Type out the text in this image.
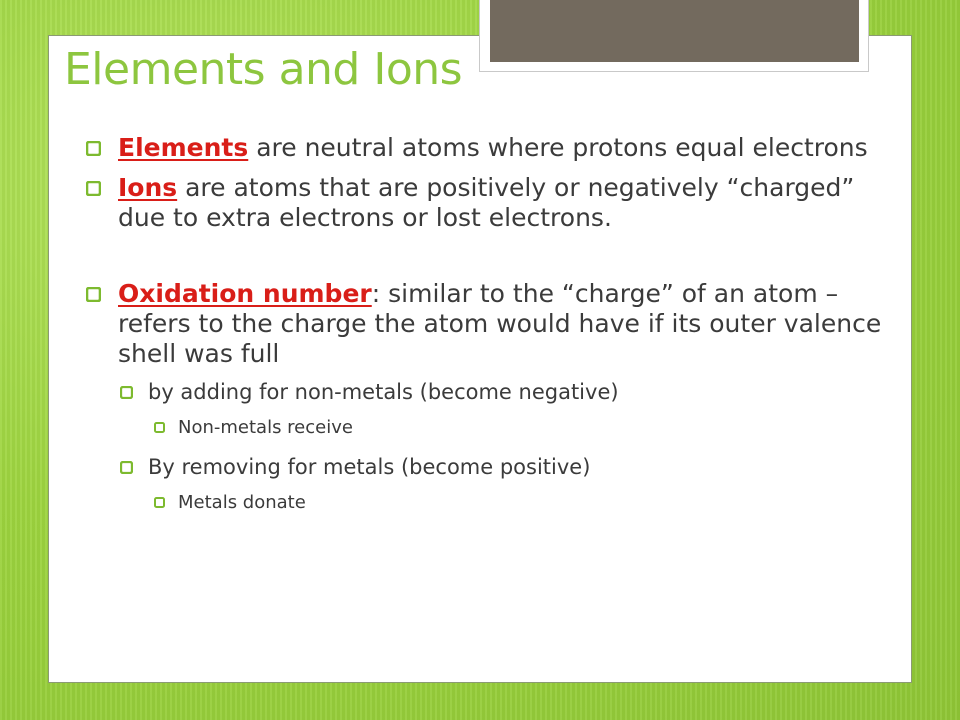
Elements and Ions
Elements are neutral atoms where protons equal electrons
Ions are atoms that are positively or negatively “charged” due to extra electrons or lost electrons.
Oxidation number: similar to the “charge” of an atom – refers to the charge the atom would have if its outer valence shell was full
by adding for non-metals (become negative)
Non-metals receive
By removing for metals (become positive)
Metals donate
